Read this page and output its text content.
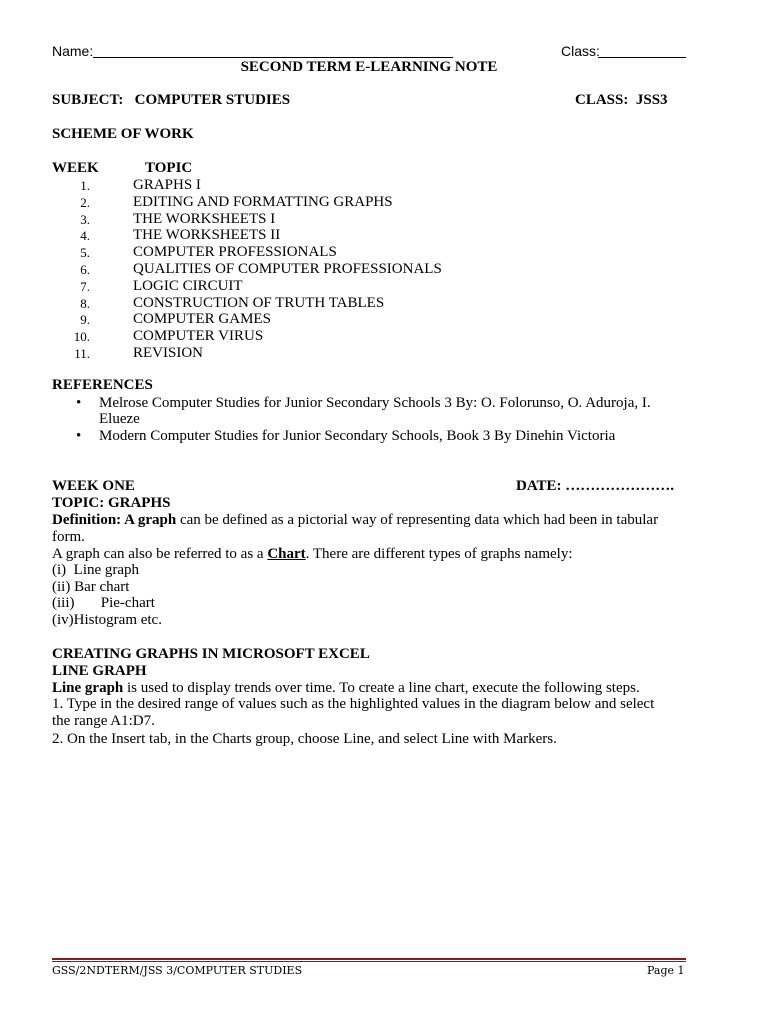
Name:	Class:
SECOND TERM E-LEARNING NOTE
SUBJECT:   COMPUTER STUDIES	CLASS:  JSS3
SCHEME OF WORK
WEEK	TOPIC
1.	GRAPHS I
2.	EDITING AND FORMATTING GRAPHS
3.	THE WORKSHEETS I
4.	THE WORKSHEETS II
5.	COMPUTER PROFESSIONALS
6.	QUALITIES OF COMPUTER PROFESSIONALS
7.	LOGIC CIRCUIT
8.	CONSTRUCTION OF TRUTH TABLES
9.	COMPUTER GAMES
10.	COMPUTER VIRUS
11.	REVISION
REFERENCES
• Melrose Computer Studies for Junior Secondary Schools 3 By: O. Folorunso, O. Aduroja, I.
Elueze
• Modern Computer Studies for Junior Secondary Schools, Book 3 By Dinehin Victoria
WEEK ONE	DATE: ………………….
TOPIC: GRAPHS
Definition: A graph can be defined as a pictorial way of representing data which had been in tabular
form.
A graph can also be referred to as a Chart. There are different types of graphs namely:
(i)  Line graph
(ii) Bar chart
(iii)       Pie-chart
(iv)Histogram etc.
CREATING GRAPHS IN MICROSOFT EXCEL
LINE GRAPH
Line graph is used to display trends over time. To create a line chart, execute the following steps.
1. Type in the desired range of values such as the highlighted values in the diagram below and select
the range A1:D7.
2. On the Insert tab, in the Charts group, choose Line, and select Line with Markers.
GSS/2NDTERM/JSS 3/COMPUTER STUDIES	Page 1
